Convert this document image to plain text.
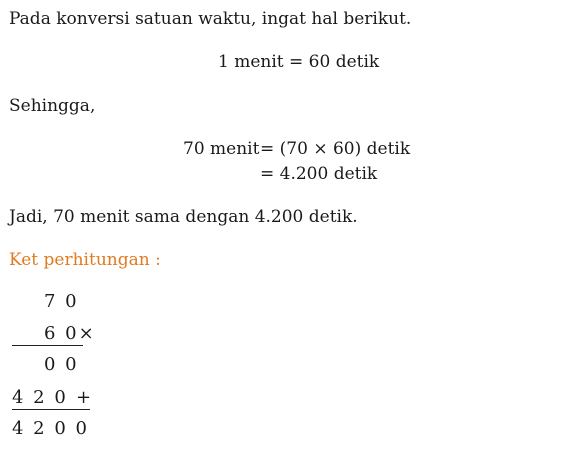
Pada konversi satuan waktu, ingat hal berikut.
1 menit = 60 detik
Sehingga,
70 menit = (70 × 60) detik
= 4.200 detik
Jadi, 70 menit sama dengan 4.200 detik.
Ket perhitungan :
7 0
6 0×
0 0
4 2 0 +
4 2 0 0
